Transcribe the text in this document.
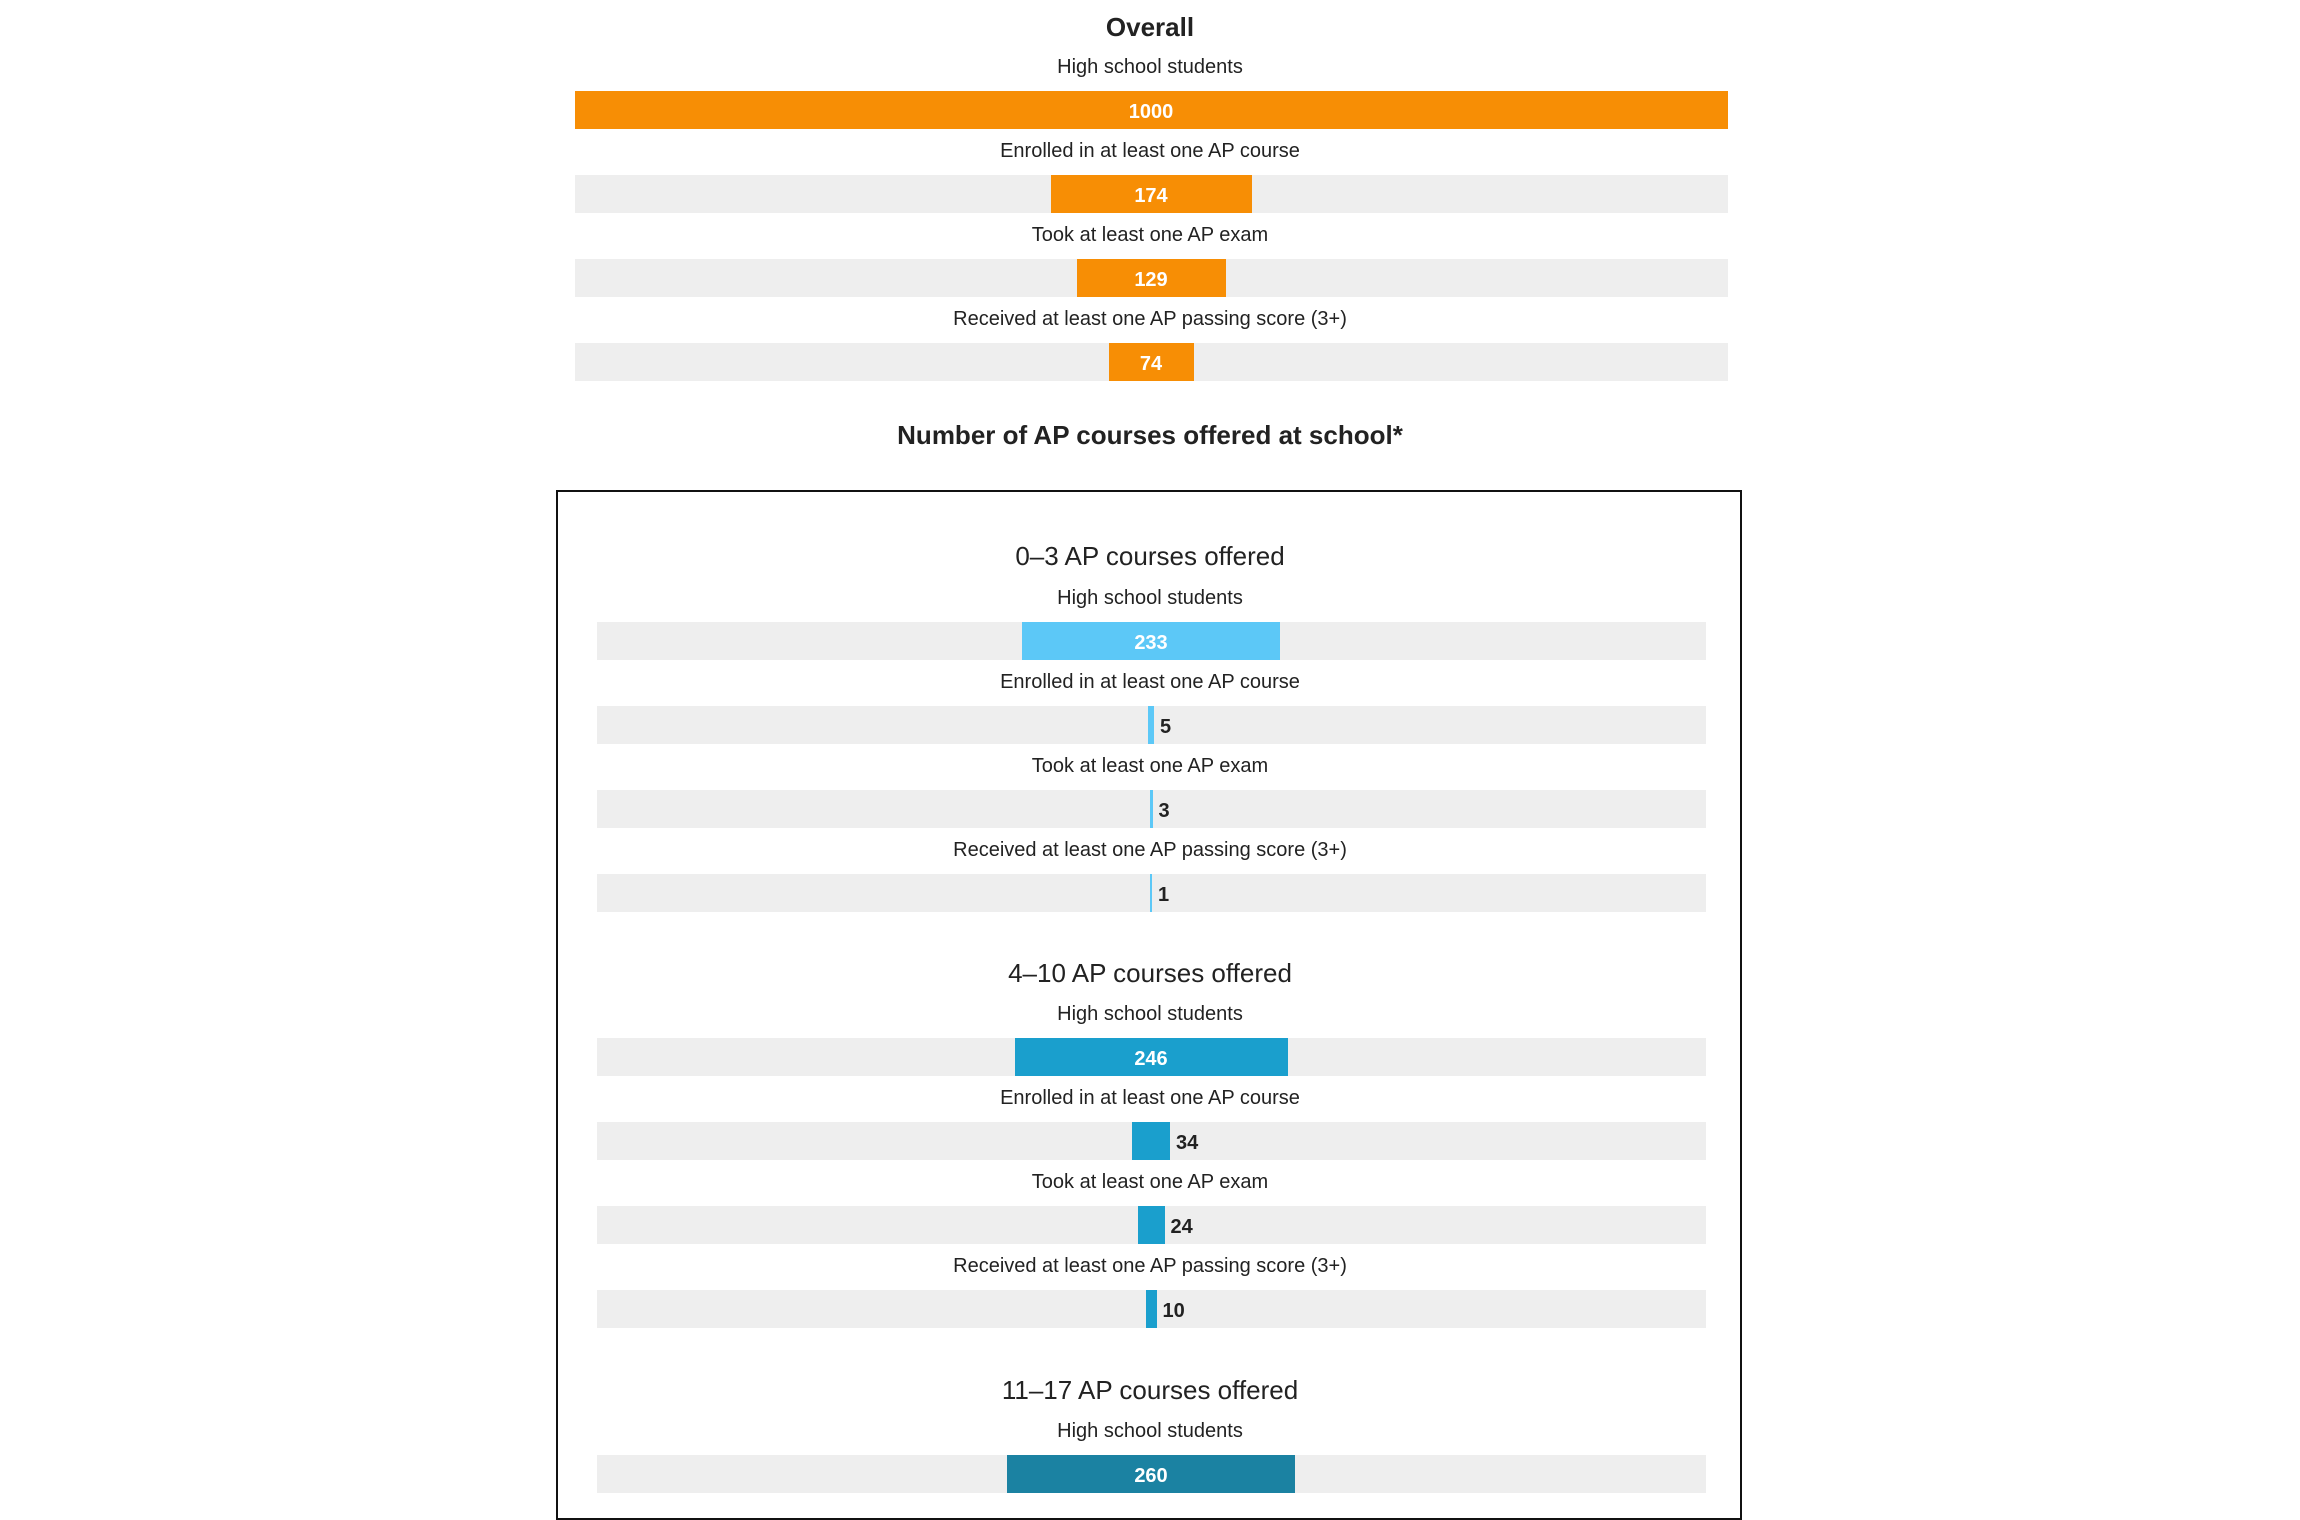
Overall
High school students
1000
Enrolled in at least one AP course
174
Took at least one AP exam
129
Received at least one AP passing score (3+)
74
Number of AP courses offered at school*
0–3 AP courses offered
High school students
233
Enrolled in at least one AP course
5
Took at least one AP exam
3
Received at least one AP passing score (3+)
1
4–10 AP courses offered
High school students
246
Enrolled in at least one AP course
34
Took at least one AP exam
24
Received at least one AP passing score (3+)
10
11–17 AP courses offered
High school students
260
